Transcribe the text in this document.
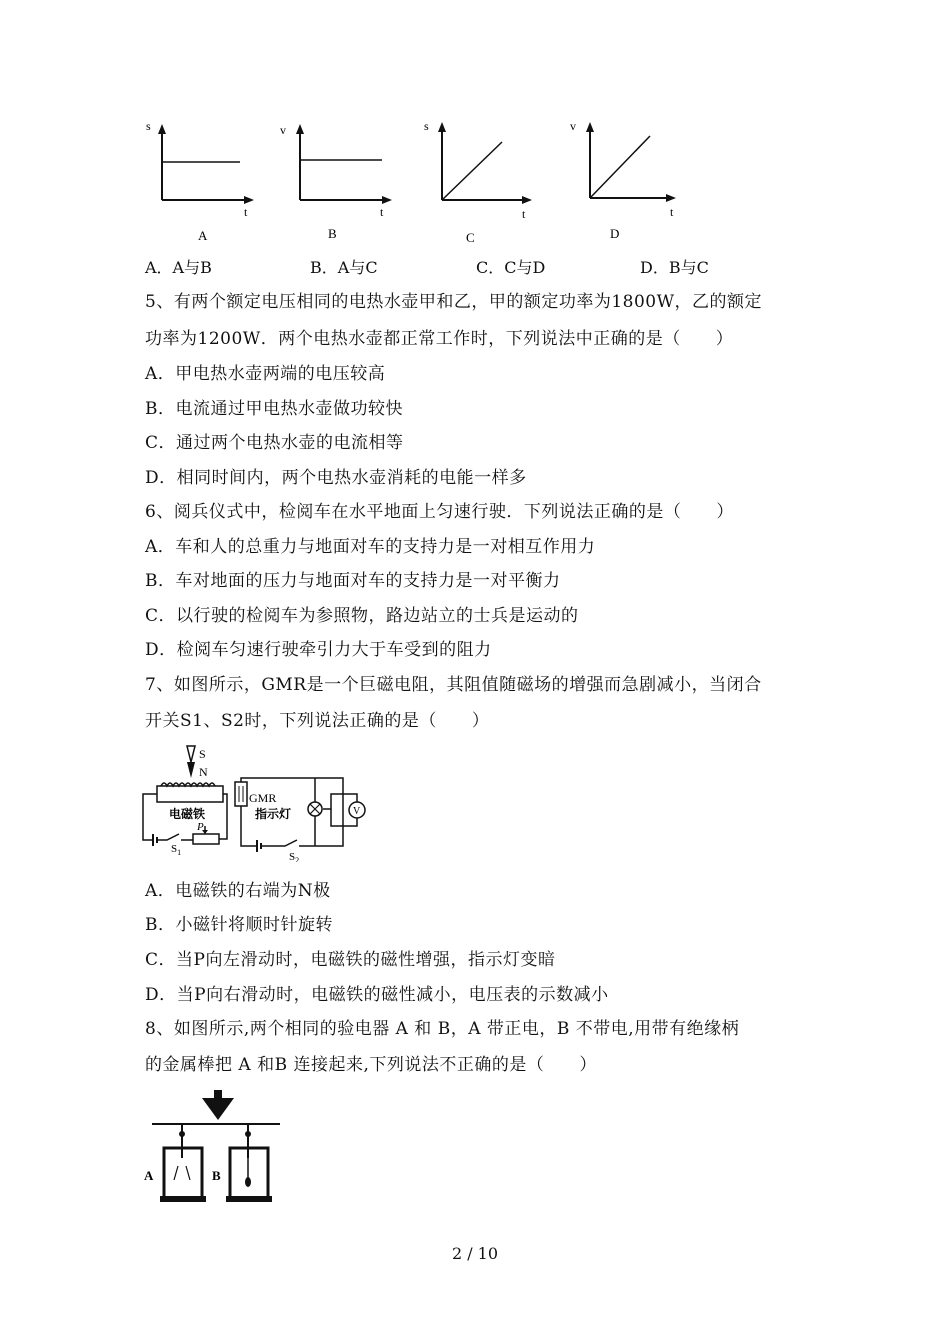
s
t
A
v
t
B
s
t
C
v
t
D
A．A与B	B．A与C	C．C与D	D．B与C
5、有两个额定电压相同的电热水壶甲和乙，甲的额定功率为1800W，乙的额定
功率为1200W．两个电热水壶都正常工作时，下列说法中正确的是（　　）
A．甲电热水壶两端的电压较高
B．电流通过甲电热水壶做功较快
C．通过两个电热水壶的电流相等
D．相同时间内，两个电热水壶消耗的电能一样多
6、阅兵仪式中，检阅车在水平地面上匀速行驶．下列说法正确的是（　　）
A．车和人的总重力与地面对车的支持力是一对相互作用力
B．车对地面的压力与地面对车的支持力是一对平衡力
C．以行驶的检阅车为参照物，路边站立的士兵是运动的
D．检阅车匀速行驶牵引力大于车受到的阻力
7、如图所示，GMR是一个巨磁电阻，其阻值随磁场的增强而急剧减小，当闭合
开关S1、S2时，下列说法正确的是（　　）
S
N
电磁铁
P
$S_1$
GMR
$S_2$
指示灯	V
A．电磁铁的右端为N极
B．小磁针将顺时针旋转
C．当P向左滑动时，电磁铁的磁性增强，指示灯变暗
D．当P向右滑动时，电磁铁的磁性减小，电压表的示数减小
8、如图所示,两个相同的验电器 A 和 B，A 带正电，B 不带电,用带有绝缘柄
的金属棒把 A 和B 连接起来,下列说法不正确的是（　　）
A	B
2 / 10
